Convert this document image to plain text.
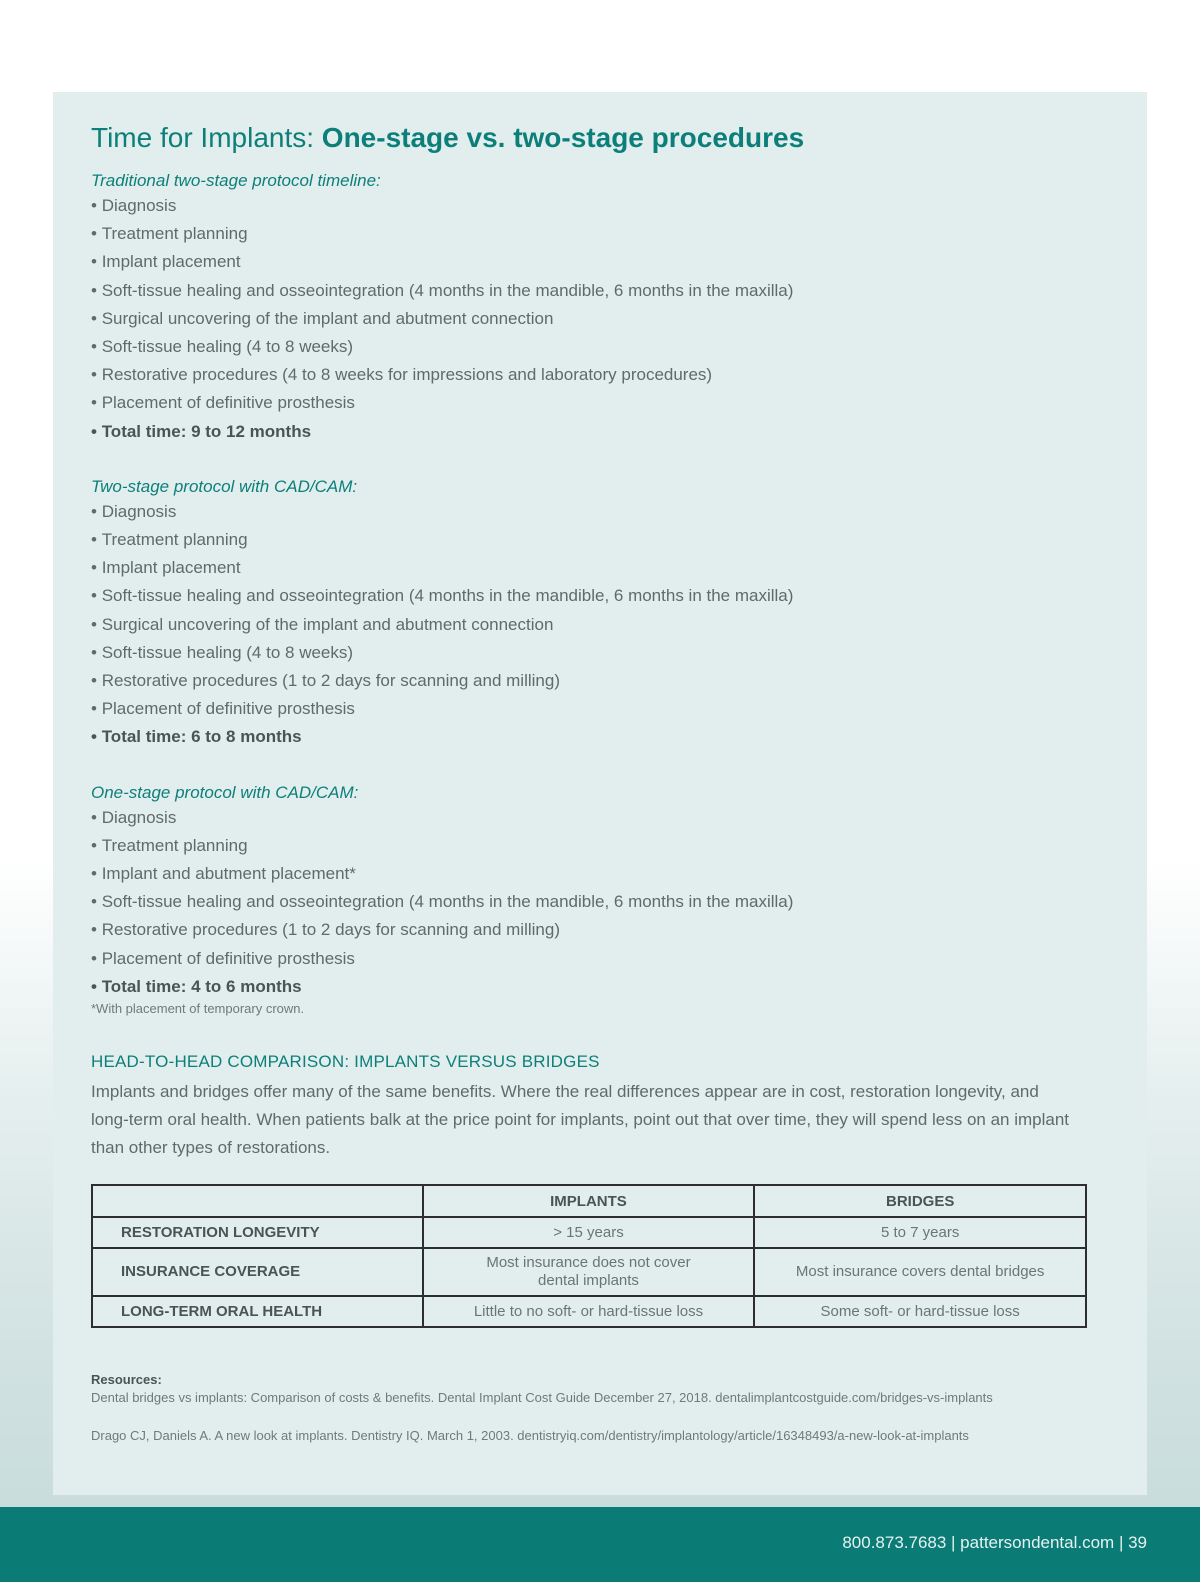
Time for Implants: One-stage vs. two-stage procedures
Traditional two-stage protocol timeline:
• Diagnosis
• Treatment planning
• Implant placement
• Soft-tissue healing and osseointegration (4 months in the mandible, 6 months in the maxilla)
• Surgical uncovering of the implant and abutment connection
• Soft-tissue healing (4 to 8 weeks)
• Restorative procedures (4 to 8 weeks for impressions and laboratory procedures)
• Placement of definitive prosthesis
• Total time: 9 to 12 months
Two-stage protocol with CAD/CAM:
• Diagnosis
• Treatment planning
• Implant placement
• Soft-tissue healing and osseointegration (4 months in the mandible, 6 months in the maxilla)
• Surgical uncovering of the implant and abutment connection
• Soft-tissue healing (4 to 8 weeks)
• Restorative procedures (1 to 2 days for scanning and milling)
• Placement of definitive prosthesis
• Total time: 6 to 8 months
One-stage protocol with CAD/CAM:
• Diagnosis
• Treatment planning
• Implant and abutment placement*
• Soft-tissue healing and osseointegration (4 months in the mandible, 6 months in the maxilla)
• Restorative procedures (1 to 2 days for scanning and milling)
• Placement of definitive prosthesis
• Total time: 4 to 6 months
*With placement of temporary crown.
HEAD-TO-HEAD COMPARISON: IMPLANTS VERSUS BRIDGES

Implants and bridges offer many of the same benefits. Where the real differences appear are in cost, restoration longevity, and long-term oral health. When patients balk at the price point for implants, point out that over time, they will spend less on an implant than other types of restorations.

	IMPLANTS	BRIDGES
RESTORATION LONGEVITY	> 15 years	5 to 7 years
INSURANCE COVERAGE	Most insurance does not cover dental implants	Most insurance covers dental bridges
LONG-TERM ORAL HEALTH	Little to no soft- or hard-tissue loss	Some soft- or hard-tissue loss
Resources:

Dental bridges vs implants: Comparison of costs & benefits. Dental Implant Cost Guide December 27, 2018. dentalimplantcostguide.com/bridges-vs-implants

Drago CJ, Daniels A. A new look at implants. Dentistry IQ. March 1, 2003. dentistryiq.com/dentistry/implantology/article/16348493/a-new-look-at-implants

800.873.7683 | pattersondental.com | 39
